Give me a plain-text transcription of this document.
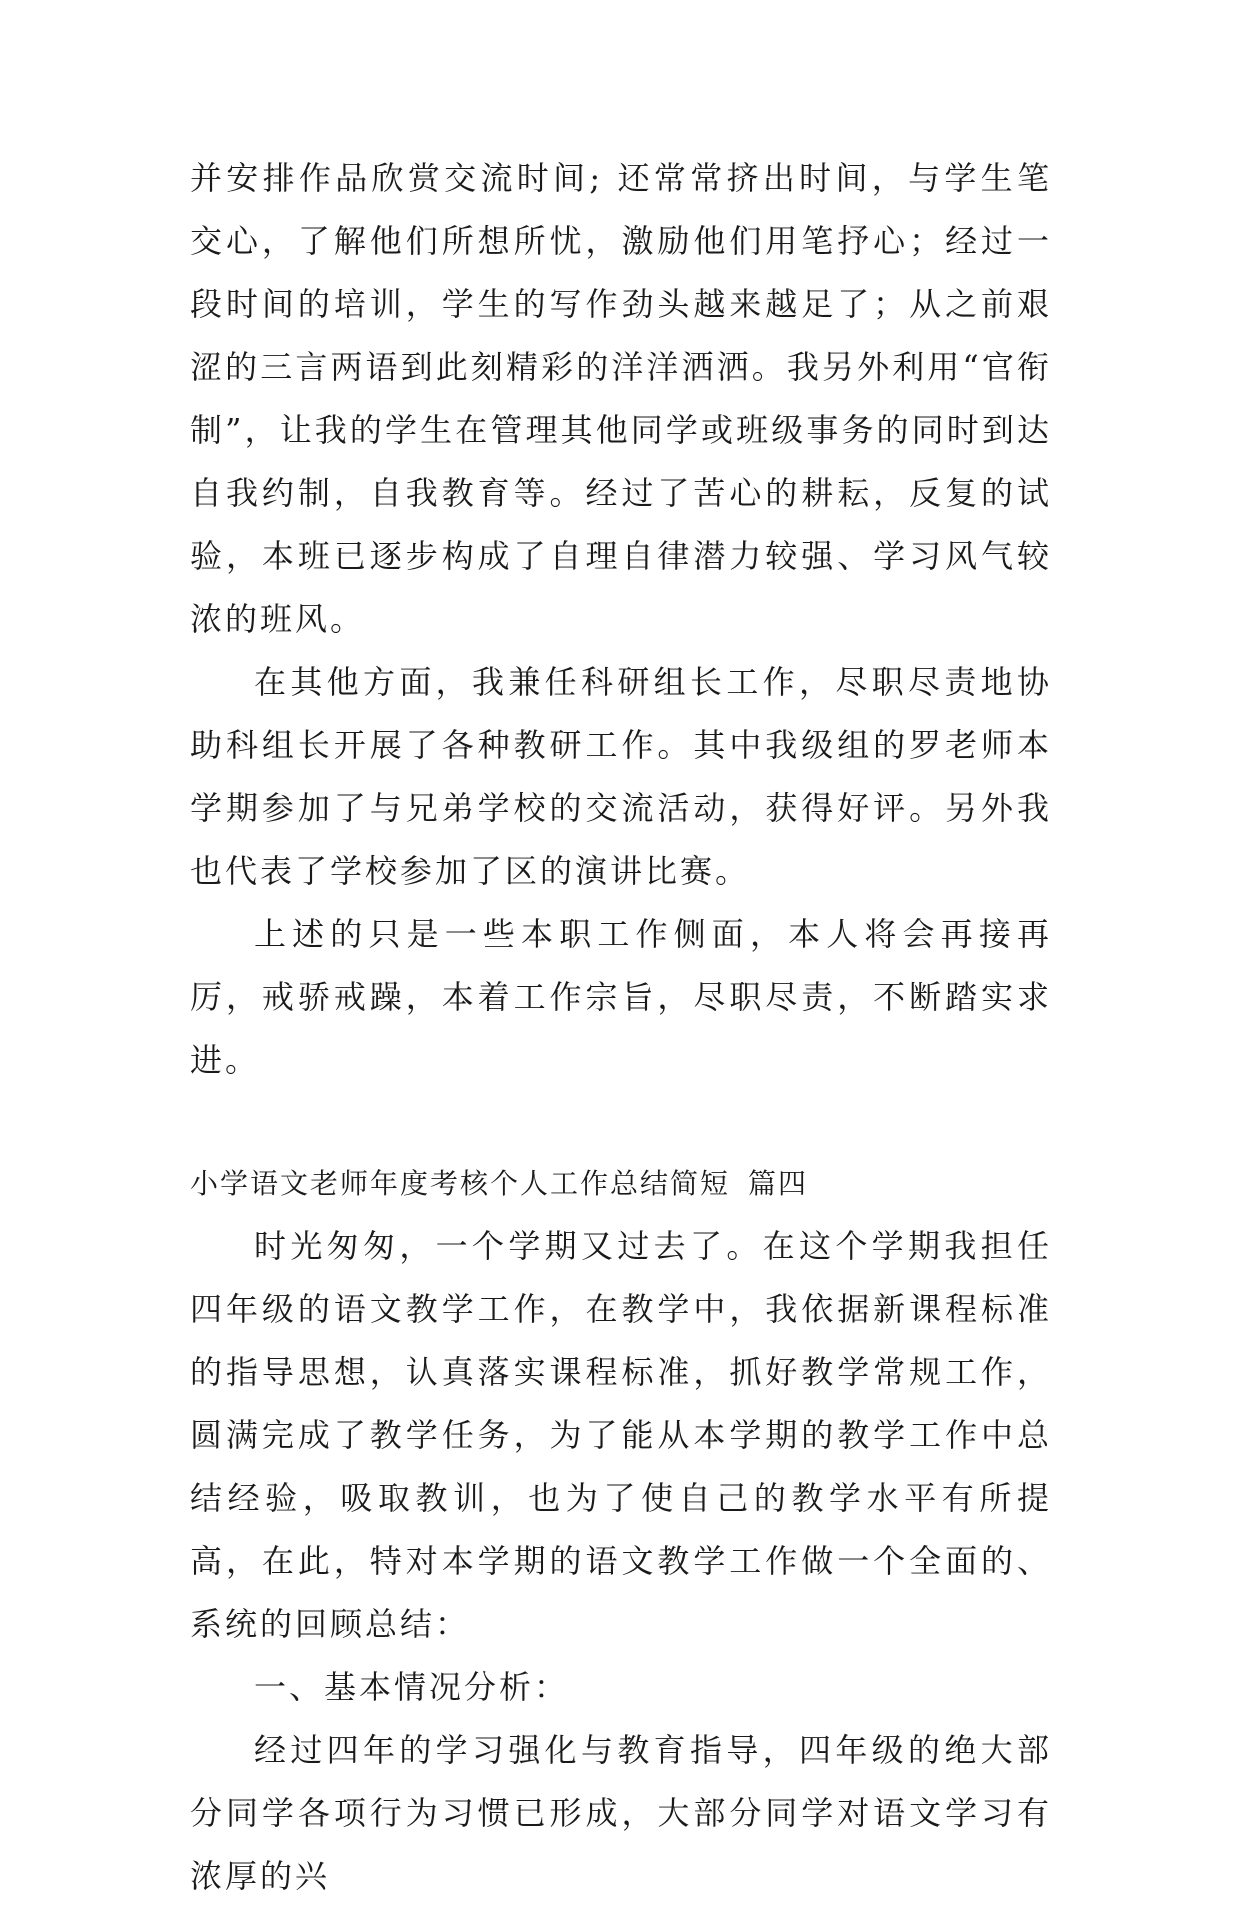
并安排作品欣赏交流时间; 还常常挤出时间，与学生笔交心，了解他们所想所忧，激励他们用笔抒心；经过一段时间的培训，学生的写作劲头越来越足了；从之前艰涩的三言两语到此刻精彩的洋洋洒洒。我另外利用“官衔制”，让我的学生在管理其他同学或班级事务的同时到达自我约制，自我教育等。经过了苦心的耕耘，反复的试验，本班已逐步构成了自理自律潜力较强、学习风气较浓的班风。

在其他方面，我兼任科研组长工作，尽职尽责地协助科组长开展了各种教研工作。其中我级组的罗老师本学期参加了与兄弟学校的交流活动，获得好评。另外我也代表了学校参加了区的演讲比赛。

上述的只是一些本职工作侧面，本人将会再接再厉，戒骄戒躁，本着工作宗旨，尽职尽责，不断踏实求进。

小学语文老师年度考核个人工作总结简短 篇四

时光匆匆，一个学期又过去了。在这个学期我担任四年级的语文教学工作，在教学中，我依据新课程标准的指导思想，认真落实课程标准，抓好教学常规工作，圆满完成了教学任务，为了能从本学期的教学工作中总结经验，吸取教训，也为了使自己的教学水平有所提高，在此，特对本学期的语文教学工作做一个全面的、系统的回顾总结：

一、基本情况分析：

经过四年的学习强化与教育指导，四年级的绝大部分同学各项行为习惯已形成，大部分同学对语文学习有浓厚的兴
